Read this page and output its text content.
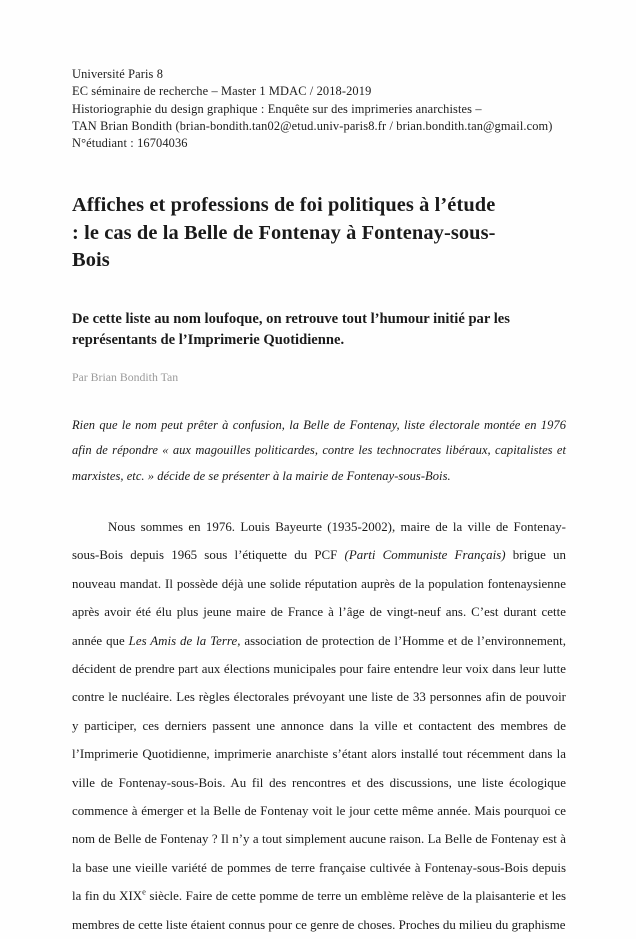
Université Paris 8
EC séminaire de recherche – Master 1 MDAC / 2018-2019
Historiographie du design graphique : Enquête sur des imprimeries anarchistes –
TAN Brian Bondith (brian-bondith.tan02@etud.univ-paris8.fr / brian.bondith.tan@gmail.com)
N°étudiant : 16704036
Affiches et professions de foi politiques à l’étude : le cas de la Belle de Fontenay à Fontenay-sous-Bois
De cette liste au nom loufoque, on retrouve tout l’humour initié par les représentants de l’Imprimerie Quotidienne.
Par Brian Bondith Tan

Rien que le nom peut prêter à confusion, la Belle de Fontenay, liste électorale montée en 1976 afin de répondre « aux magouilles politicardes, contre les technocrates libéraux, capitalistes et marxistes, etc. » décide de se présenter à la mairie de Fontenay-sous-Bois.

Nous sommes en 1976. Louis Bayeurte (1935-2002), maire de la ville de Fontenay-sous-Bois depuis 1965 sous l’étiquette du PCF (Parti Communiste Français) brigue un nouveau mandat. Il possède déjà une solide réputation auprès de la population fontenaysienne après avoir été élu plus jeune maire de France à l’âge de vingt-neuf ans. C’est durant cette année que Les Amis de la Terre, association de protection de l’Homme et de l’environnement, décident de prendre part aux élections municipales pour faire entendre leur voix dans leur lutte contre le nucléaire. Les règles électorales prévoyant une liste de 33 personnes afin de pouvoir y participer, ces derniers passent une annonce dans la ville et contactent des membres de l’Imprimerie Quotidienne, imprimerie anarchiste s’étant alors installé tout récemment dans la ville de Fontenay-sous-Bois. Au fil des rencontres et des discussions, une liste écologique commence à émerger et la Belle de Fontenay voit le jour cette même année. Mais pourquoi ce nom de Belle de Fontenay ? Il n’y a tout simplement aucune raison. La Belle de Fontenay est à la base une vieille variété de pommes de terre française cultivée à Fontenay-sous-Bois depuis la fin du XIXe siècle. Faire de cette pomme de terre un emblème relève de la plaisanterie et les membres de cette liste étaient connus pour ce genre de choses. Proches du milieu du graphisme
